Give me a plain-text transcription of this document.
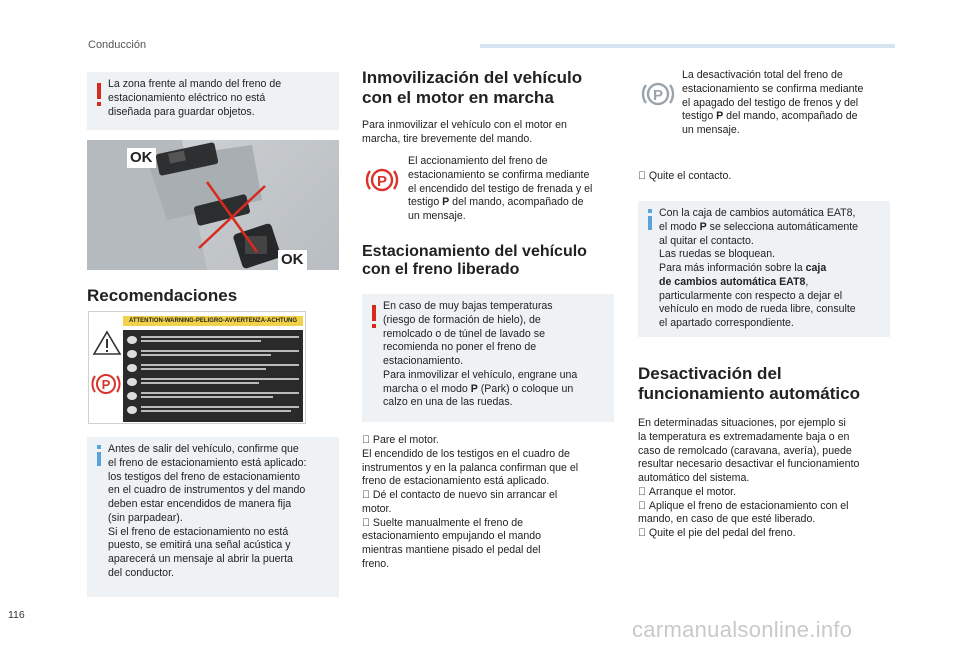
Conducción
La zona frente al mando del freno de
estacionamiento eléctrico no está
diseñada para guardar objetos.
OK
OK
Recomendaciones
P
ATTENTION-WARNING-PELIGRO-AVVERTENZA-ACHTUNG
Antes de salir del vehículo, confirme que
el freno de estacionamiento está aplicado:
los testigos del freno de estacionamiento
en el cuadro de instrumentos y del mando
deben estar encendidos de manera fija
(sin parpadear).
Si el freno de estacionamiento no está
puesto, se emitirá una señal acústica y
aparecerá un mensaje al abrir la puerta
del conductor.
Inmovilización del vehículo
con el motor en marcha
Para inmovilizar el vehículo con el motor en
marcha, tire brevemente del mando.
P
El accionamiento del freno de
estacionamiento se confirma mediante
el encendido del testigo de frenada y el
testigo P del mando, acompañado de
un mensaje.
Estacionamiento del vehículo
con el freno liberado
En caso de muy bajas temperaturas
(riesgo de formación de hielo), de
remolcado o de túnel de lavado se
recomienda no poner el freno de
estacionamiento.
Para inmovilizar el vehículo, engrane una
marcha o el modo P (Park) o coloque un
calzo en una de las ruedas.
Pare el motor.
El encendido de los testigos en el cuadro de
instrumentos y en la palanca confirman que el
freno de estacionamiento está aplicado.
Dé el contacto de nuevo sin arrancar el
motor.
Suelte manualmente el freno de
estacionamiento empujando el mando
mientras mantiene pisado el pedal del
freno.
P
La desactivación total del freno de
estacionamiento se confirma mediante
el apagado del testigo de frenos y del
testigo P del mando, acompañado de
un mensaje.
Quite el contacto.
Con la caja de cambios automática EAT8,
el modo P se selecciona automáticamente
al quitar el contacto.
Las ruedas se bloquean.
Para más información sobre la caja
de cambios automática EAT8,
particularmente con respecto a dejar el
vehículo en modo de rueda libre, consulte
el apartado correspondiente.
Desactivación del
funcionamiento automático
En determinadas situaciones, por ejemplo si
la temperatura es extremadamente baja o en
caso de remolcado (caravana, avería), puede
resultar necesario desactivar el funcionamiento
automático del sistema.
Arranque el motor.
Aplique el freno de estacionamiento con el
mando, en caso de que esté liberado.
Quite el pie del pedal del freno.
116
carmanualsonline.info
